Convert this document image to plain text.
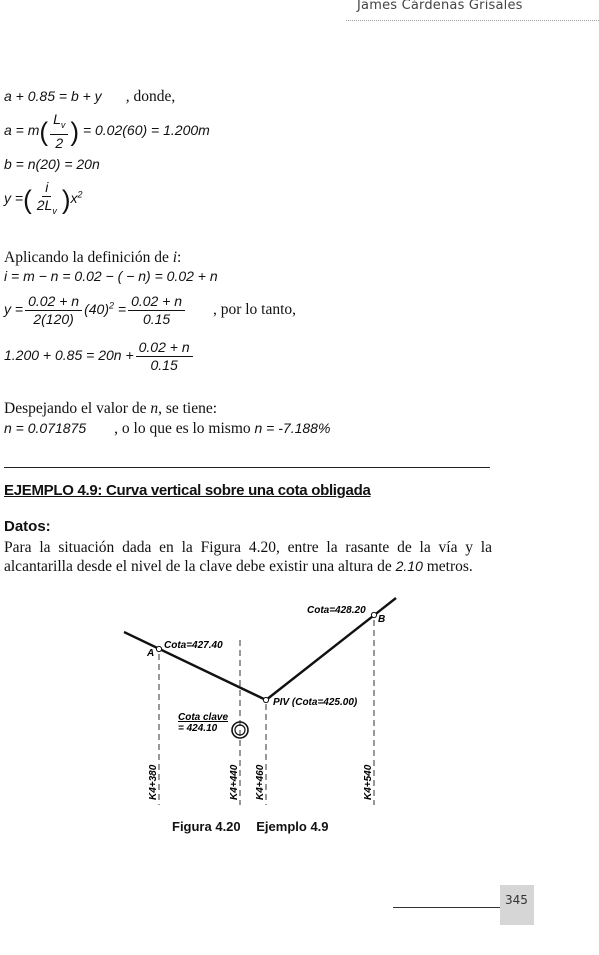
James Cárdenas Grisales
a + 0.85 = b + y , donde,
$a = m( \frac{L_v}{2}$ ) = 0.02(60) = 1.200m
b = n(20) = 20n
y =( $\frac{i}{2L_v} )x^2$
Aplicando la definición de i:
i = m − n = 0.02 − ( − n) = 0.02 + n
$y = \frac{0.02 + n}{2(120)} (40)^2 = \frac{0.02 + n}{0.15}$ , por lo tanto,
$1.200 + 0.85 = 20n + \frac{0.02 + n}{0.15}$
Despejando el valor de n, se tiene:
n = 0.071875 , o lo que es lo mismo n = -7.188%
EJEMPLO 4.9: Curva vertical sobre una cota obligada
Datos:
Para la situación dada en la Figura 4.20, entre la rasante de la vía y la alcantarilla desde el nivel de la clave debe existir una altura de 2.10 metros.
A
B
Cota=427.40
Cota=428.20
PIV (Cota=425.00)
Cota clave
= 424.10
K4+380	K4+440 K4+460	K4+540
Figura 4.20 Ejemplo 4.9
345
